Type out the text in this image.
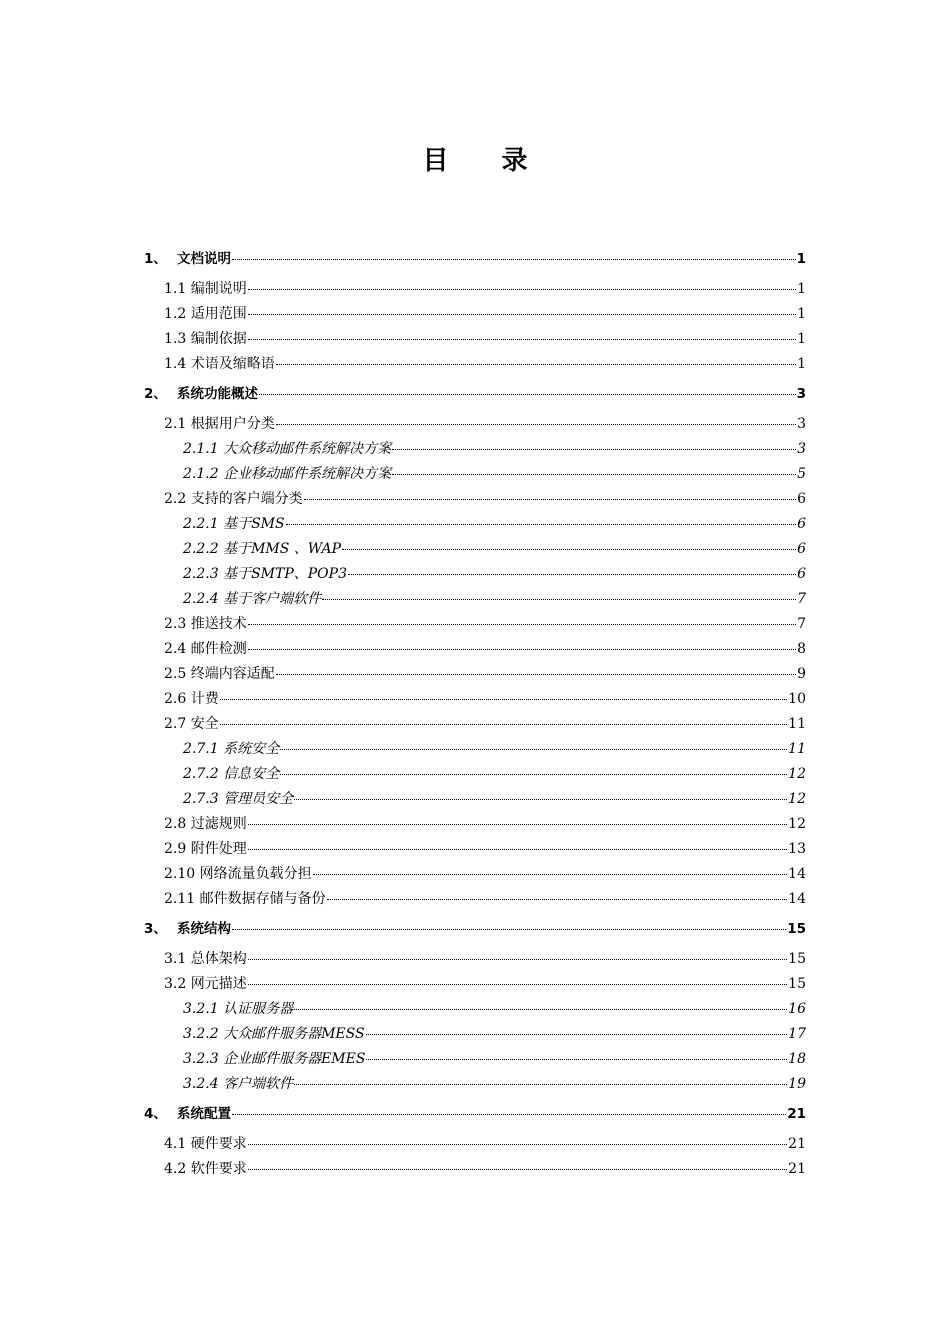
目 录
1、 文档说明	1
1.1 编制说明	1
1.2 适用范围	1
1.3 编制依据	1
1.4 术语及缩略语	1
2、 系统功能概述	3
2.1 根据用户分类	3
2.1.1 大众移动邮件系统解决方案	3
2.1.2 企业移动邮件系统解决方案	5
2.2 支持的客户端分类	6
2.2.1 基于SMS	6
2.2.2 基于MMS 、WAP	6
2.2.3 基于SMTP、POP3	6
2.2.4 基于客户端软件	7
2.3 推送技术	7
2.4 邮件检测	8
2.5 终端内容适配	9
2.6 计费	10
2.7 安全	11
2.7.1 系统安全	11
2.7.2 信息安全	12
2.7.3 管理员安全	12
2.8 过滤规则	12
2.9 附件处理	13
2.10 网络流量负载分担	14
2.11 邮件数据存储与备份	14
3、 系统结构	15
3.1 总体架构	15
3.2 网元描述	15
3.2.1 认证服务器	16
3.2.2 大众邮件服务器MESS	17
3.2.3 企业邮件服务器EMES	18
3.2.4 客户端软件	19
4、 系统配置	21
4.1 硬件要求	21
4.2 软件要求	21
